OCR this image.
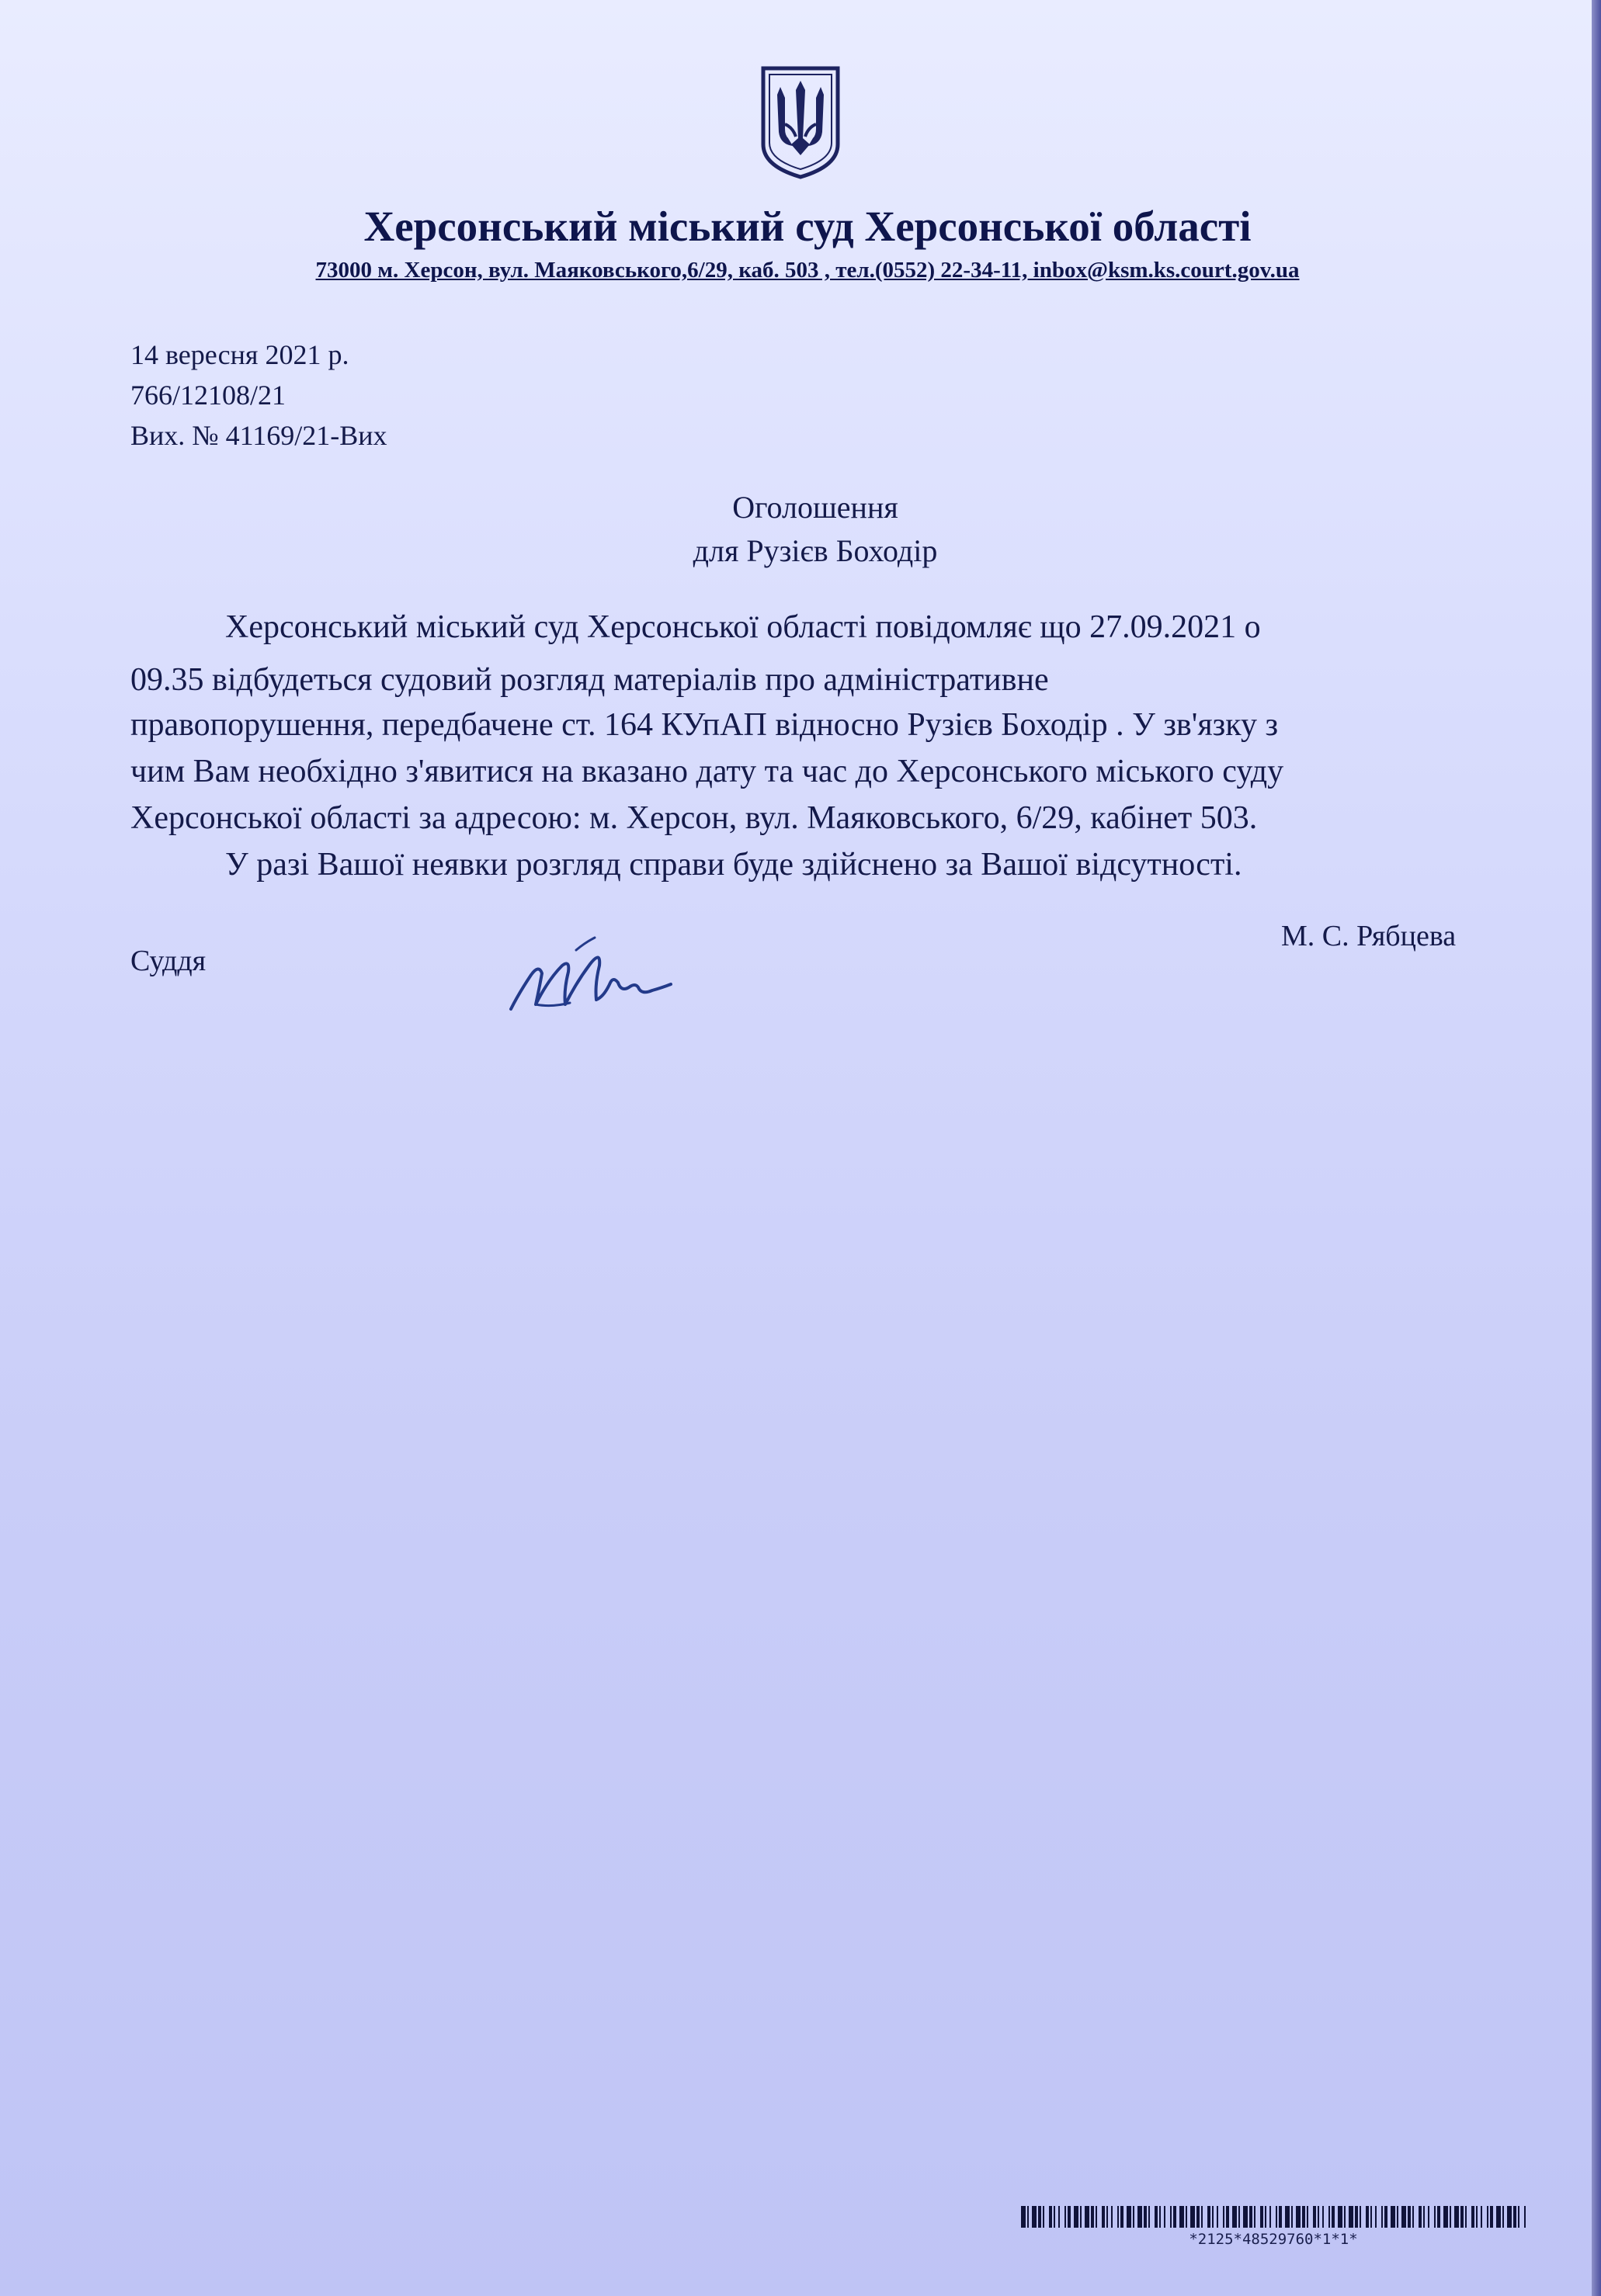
Херсонський міський суд Херсонської області
73000 м. Херсон, вул. Маяковського,6/29, каб. 503 , тел.(0552) 22-34-11, inbox@ksm.ks.court.gov.ua
14 вересня 2021 р.
766/12108/21
Вих. № 41169/21-Вих
Оголошення
для Рузієв Боходір
Херсонський міський суд Херсонської області повідомляє що 27.09.2021 о
09.35 відбудеться судовий розгляд матеріалів про адміністративне
правопорушення, передбачене ст. 164 КУпАП відносно Рузієв Боходір . У зв'язку з
чим Вам необхідно з'явитися на вказано дату та час до Херсонського міського суду
Херсонської області за адресою: м. Херсон, вул. Маяковського, 6/29, кабінет 503.
У разі Вашої неявки розгляд справи буде здійснено за Вашої відсутності.
Суддя
М. С. Рябцева
*2125*48529760*1*1*
